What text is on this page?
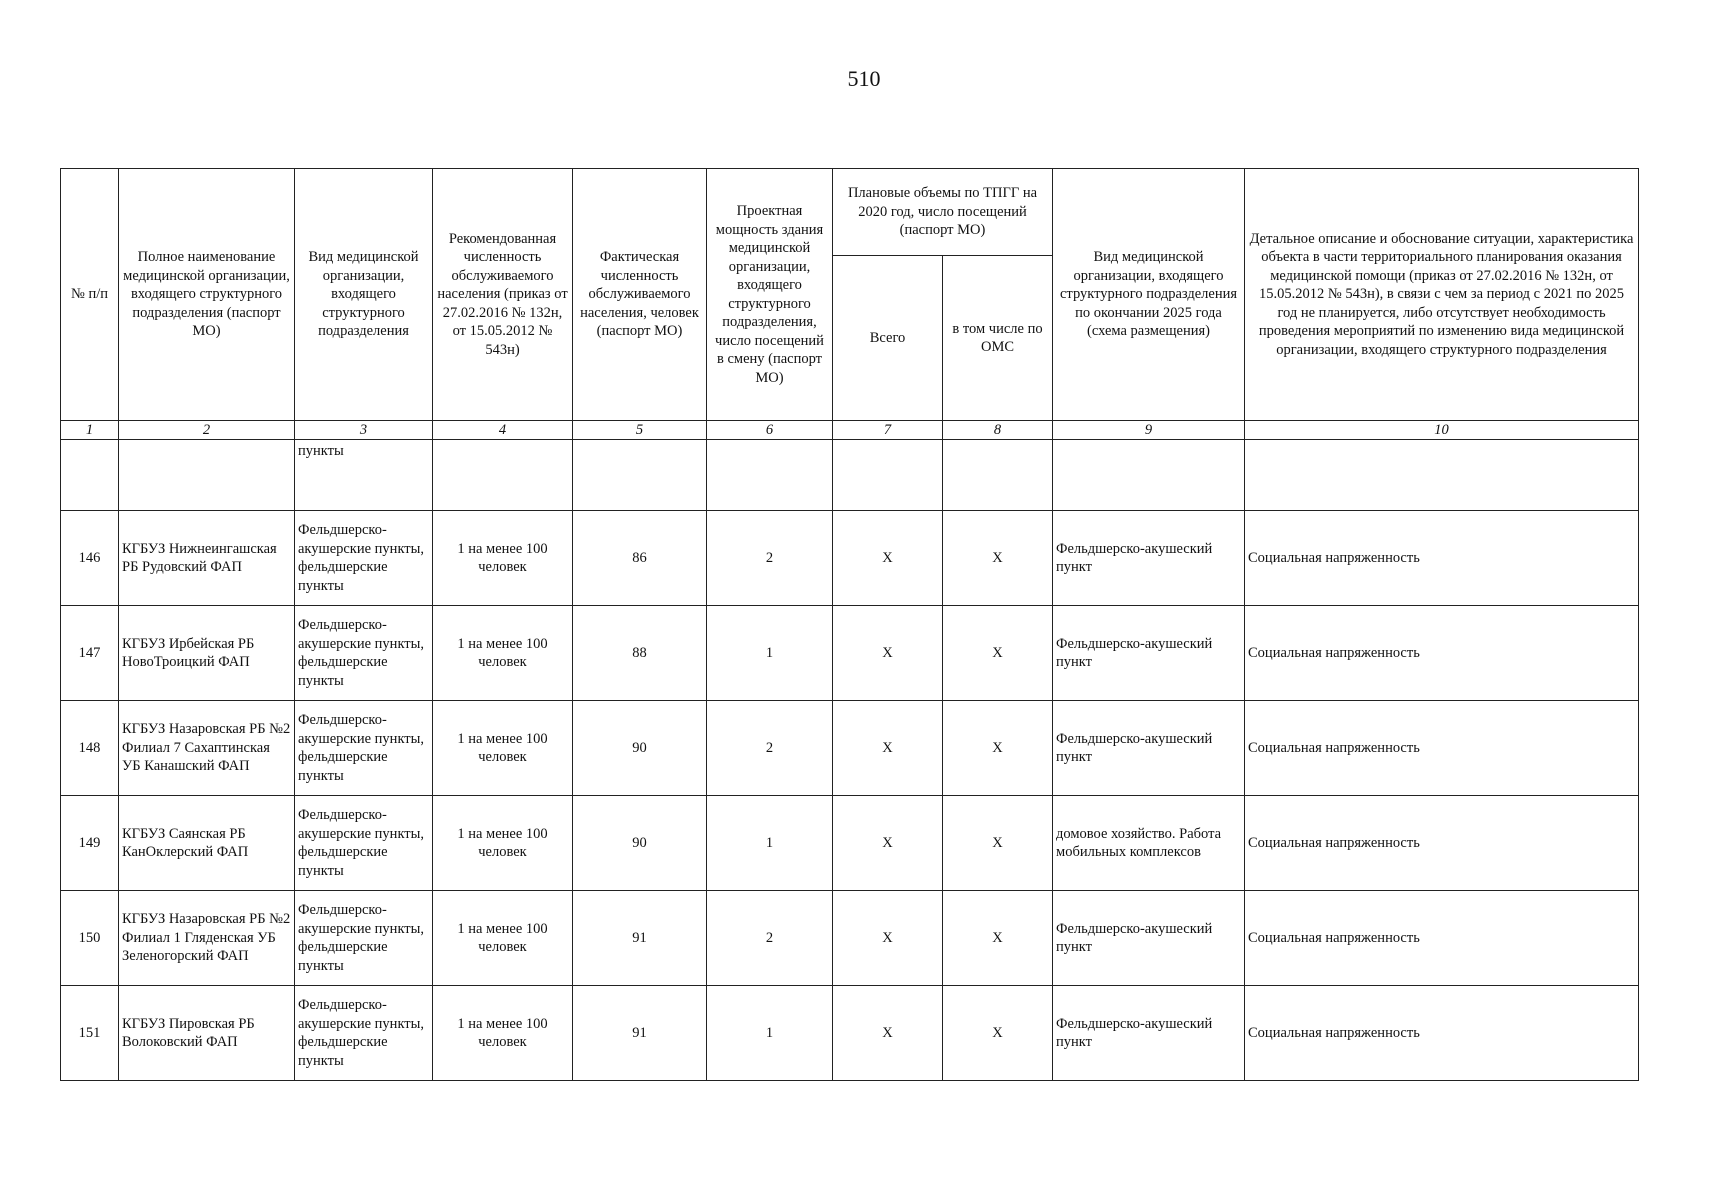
510
№ п/п	Полное наименование медицинской организации, входящего структурного подразделения (паспорт МО)	Вид медицинской организации, входящего структурного подразделения	Рекомендованная численность обслуживаемого населения (приказ от 27.02.2016 № 132н, от 15.05.2012 № 543н)	Фактическая численность обслуживаемого населения, человек (паспорт МО)	Проектная мощность здания медицинской организации, входящего структурного подразделения, число посещений в смену (паспорт МО)	Плановые объемы по ТПГГ на 2020 год, число посещений (паспорт МО)		Вид медицинской организации, входящего структурного подразделения по окончании 2025 года (схема размещения)	Детальное описание и обоснование ситуации, характеристика объекта в части территориального планирования оказания медицинской помощи (приказ от 27.02.2016 № 132н, от 15.05.2012 № 543н), в связи с чем за период с 2021 по 2025 год не планируется, либо отсутствует необходимость проведения мероприятий по изменению вида медицинской организации, входящего структурного подразделения
						Всего	в том числе по ОМС		
1	2	3	4	5	6	7	8	9	10
		пункты							
146	КГБУЗ Нижнеингашская РБ Рудовский ФАП	Фельдшерско-акушерские пункты, фельдшерские пункты	1 на менее 100 человек	86	2	Х	Х	Фельдшерско-акушеский пункт	Социальная напряженность
147	КГБУЗ Ирбейская РБ НовоТроицкий ФАП	Фельдшерско-акушерские пункты, фельдшерские пункты	1 на менее 100 человек	88	1	Х	Х	Фельдшерско-акушеский пункт	Социальная напряженность
148	КГБУЗ Назаровская РБ №2 Филиал 7 Сахаптинская УБ Канашский ФАП	Фельдшерско-акушерские пункты, фельдшерские пункты	1 на менее 100 человек	90	2	Х	Х	Фельдшерско-акушеский пункт	Социальная напряженность
149	КГБУЗ Саянская РБ КанОклерский ФАП	Фельдшерско-акушерские пункты, фельдшерские пункты	1 на менее 100 человек	90	1	Х	Х	домовое хозяйство. Работа мобильных комплексов	Социальная напряженность
150	КГБУЗ Назаровская РБ №2 Филиал 1 Гляденская УБ Зеленогорский ФАП	Фельдшерско-акушерские пункты, фельдшерские пункты	1 на менее 100 человек	91	2	Х	Х	Фельдшерско-акушеский пункт	Социальная напряженность
151	КГБУЗ Пировская РБ Волоковский ФАП	Фельдшерско-акушерские пункты, фельдшерские пункты	1 на менее 100 человек	91	1	Х	Х	Фельдшерско-акушеский пункт	Социальная напряженность
